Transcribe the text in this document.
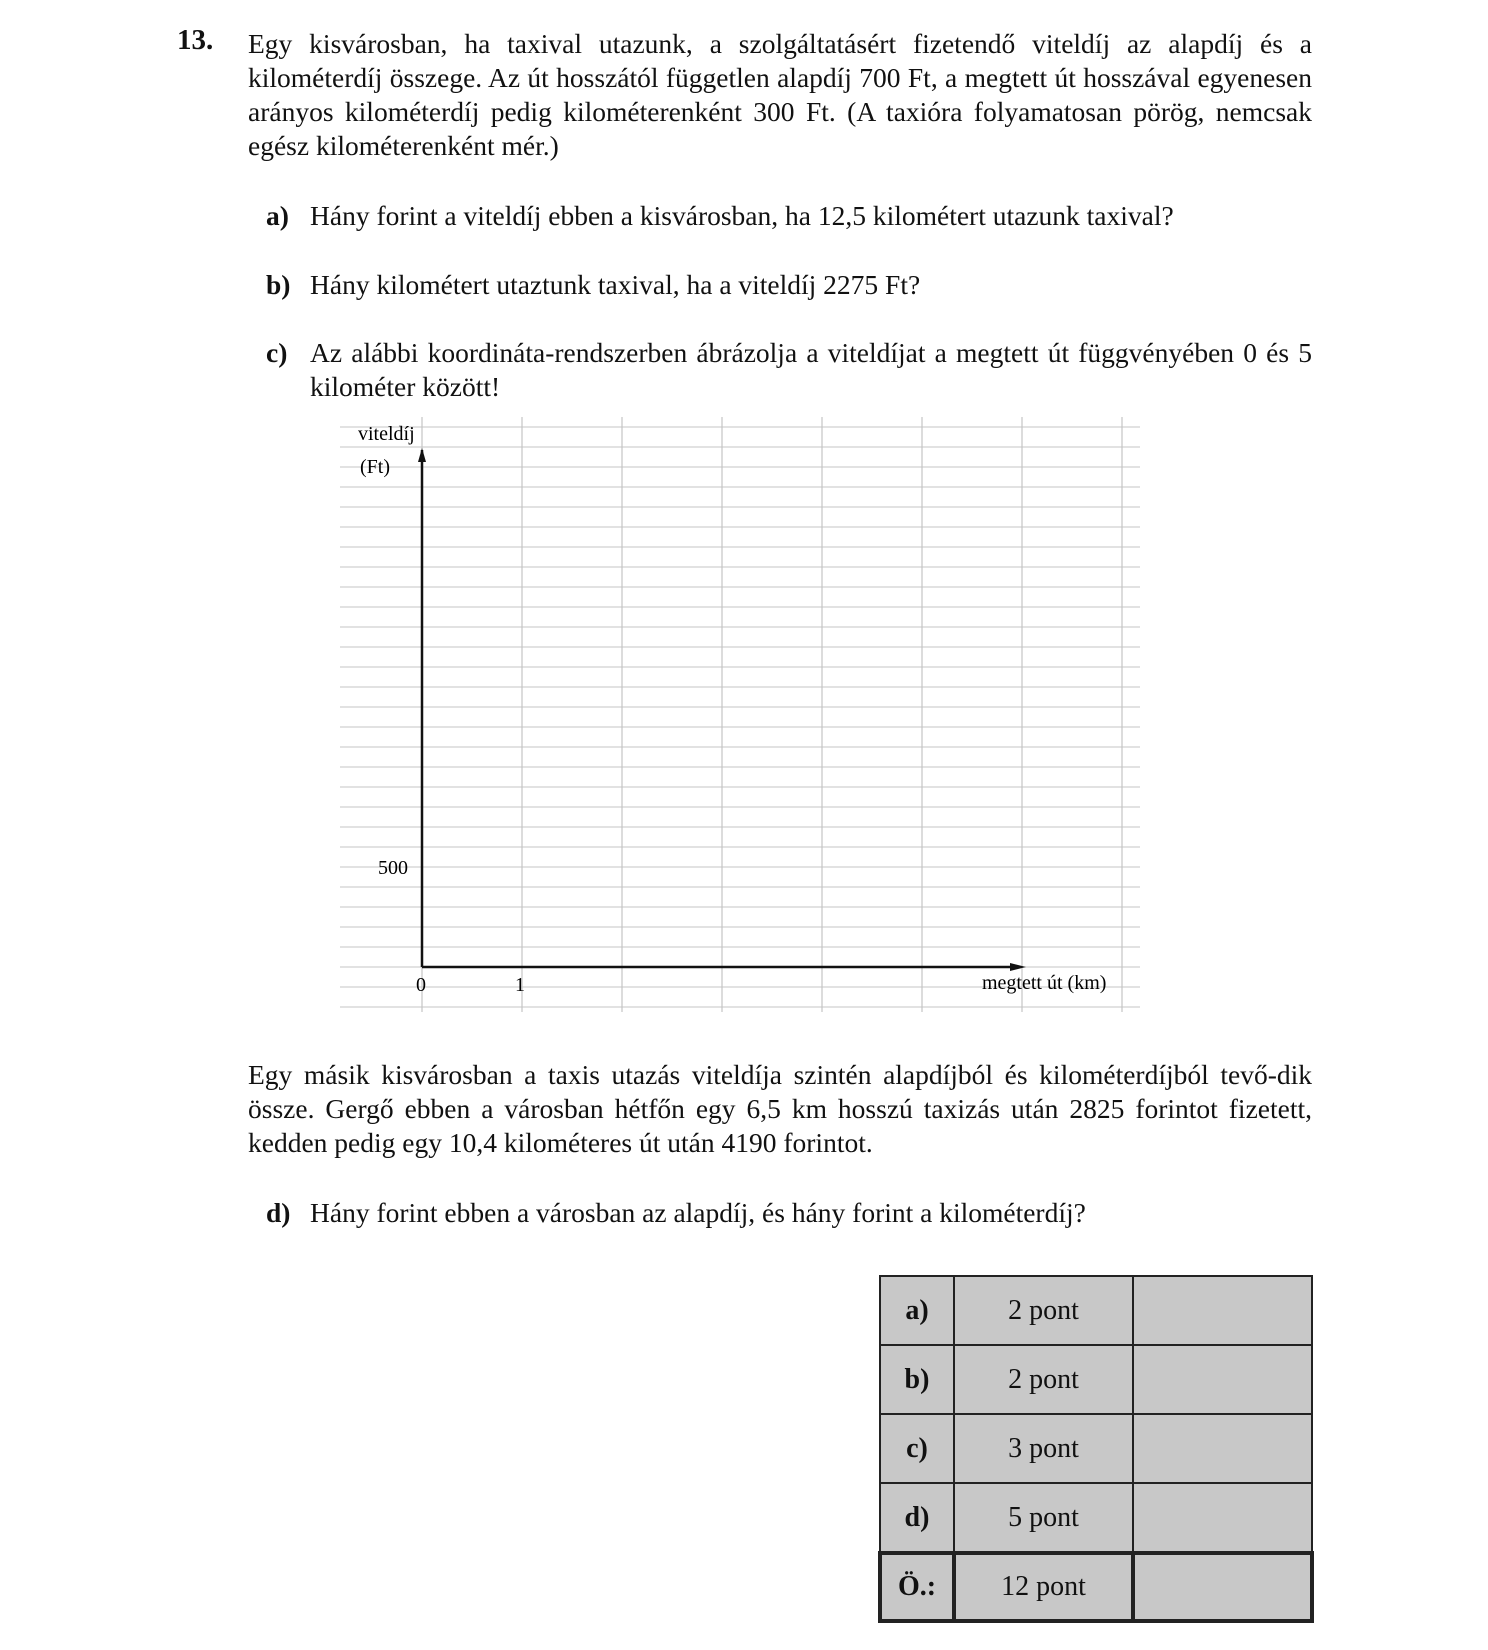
13. Egy kisvárosban, ha taxival utazunk, a szolgáltatásért fizetendő viteldíj az alapdíj és a kilométerdíj összege. Az út hosszától független alapdíj 700 Ft, a megtett út hosszával egyenesen arányos kilométerdíj pedig kilométerenként 300 Ft. (A taxióra folyamatosan pörög, nemcsak egész kilométerenként mér.)
a) Hány forint a viteldíj ebben a kisvárosban, ha 12,5 kilométert utazunk taxival?
b) Hány kilométert utaztunk taxival, ha a viteldíj 2275 Ft?
c) Az alábbi koordináta-rendszerben ábrázolja a viteldíjat a megtett út függvényében 0 és 5 kilométer között!
viteldíj
(Ft)
500
0	1	megtett út (km)
Egy másik kisvárosban a taxis utazás viteldíja szintén alapdíjból és kilométerdíjból tevő-dik össze. Gergő ebben a városban hétfőn egy 6,5 km hosszú taxizás után 2825 forintot fizetett, kedden pedig egy 10,4 kilométeres út után 4190 forintot.
d) Hány forint ebben a városban az alapdíj, és hány forint a kilométerdíj?
a)	2 pont	
b)	2 pont	
c)	3 pont	
d)	5 pont	
Ö.:	12 pont	
